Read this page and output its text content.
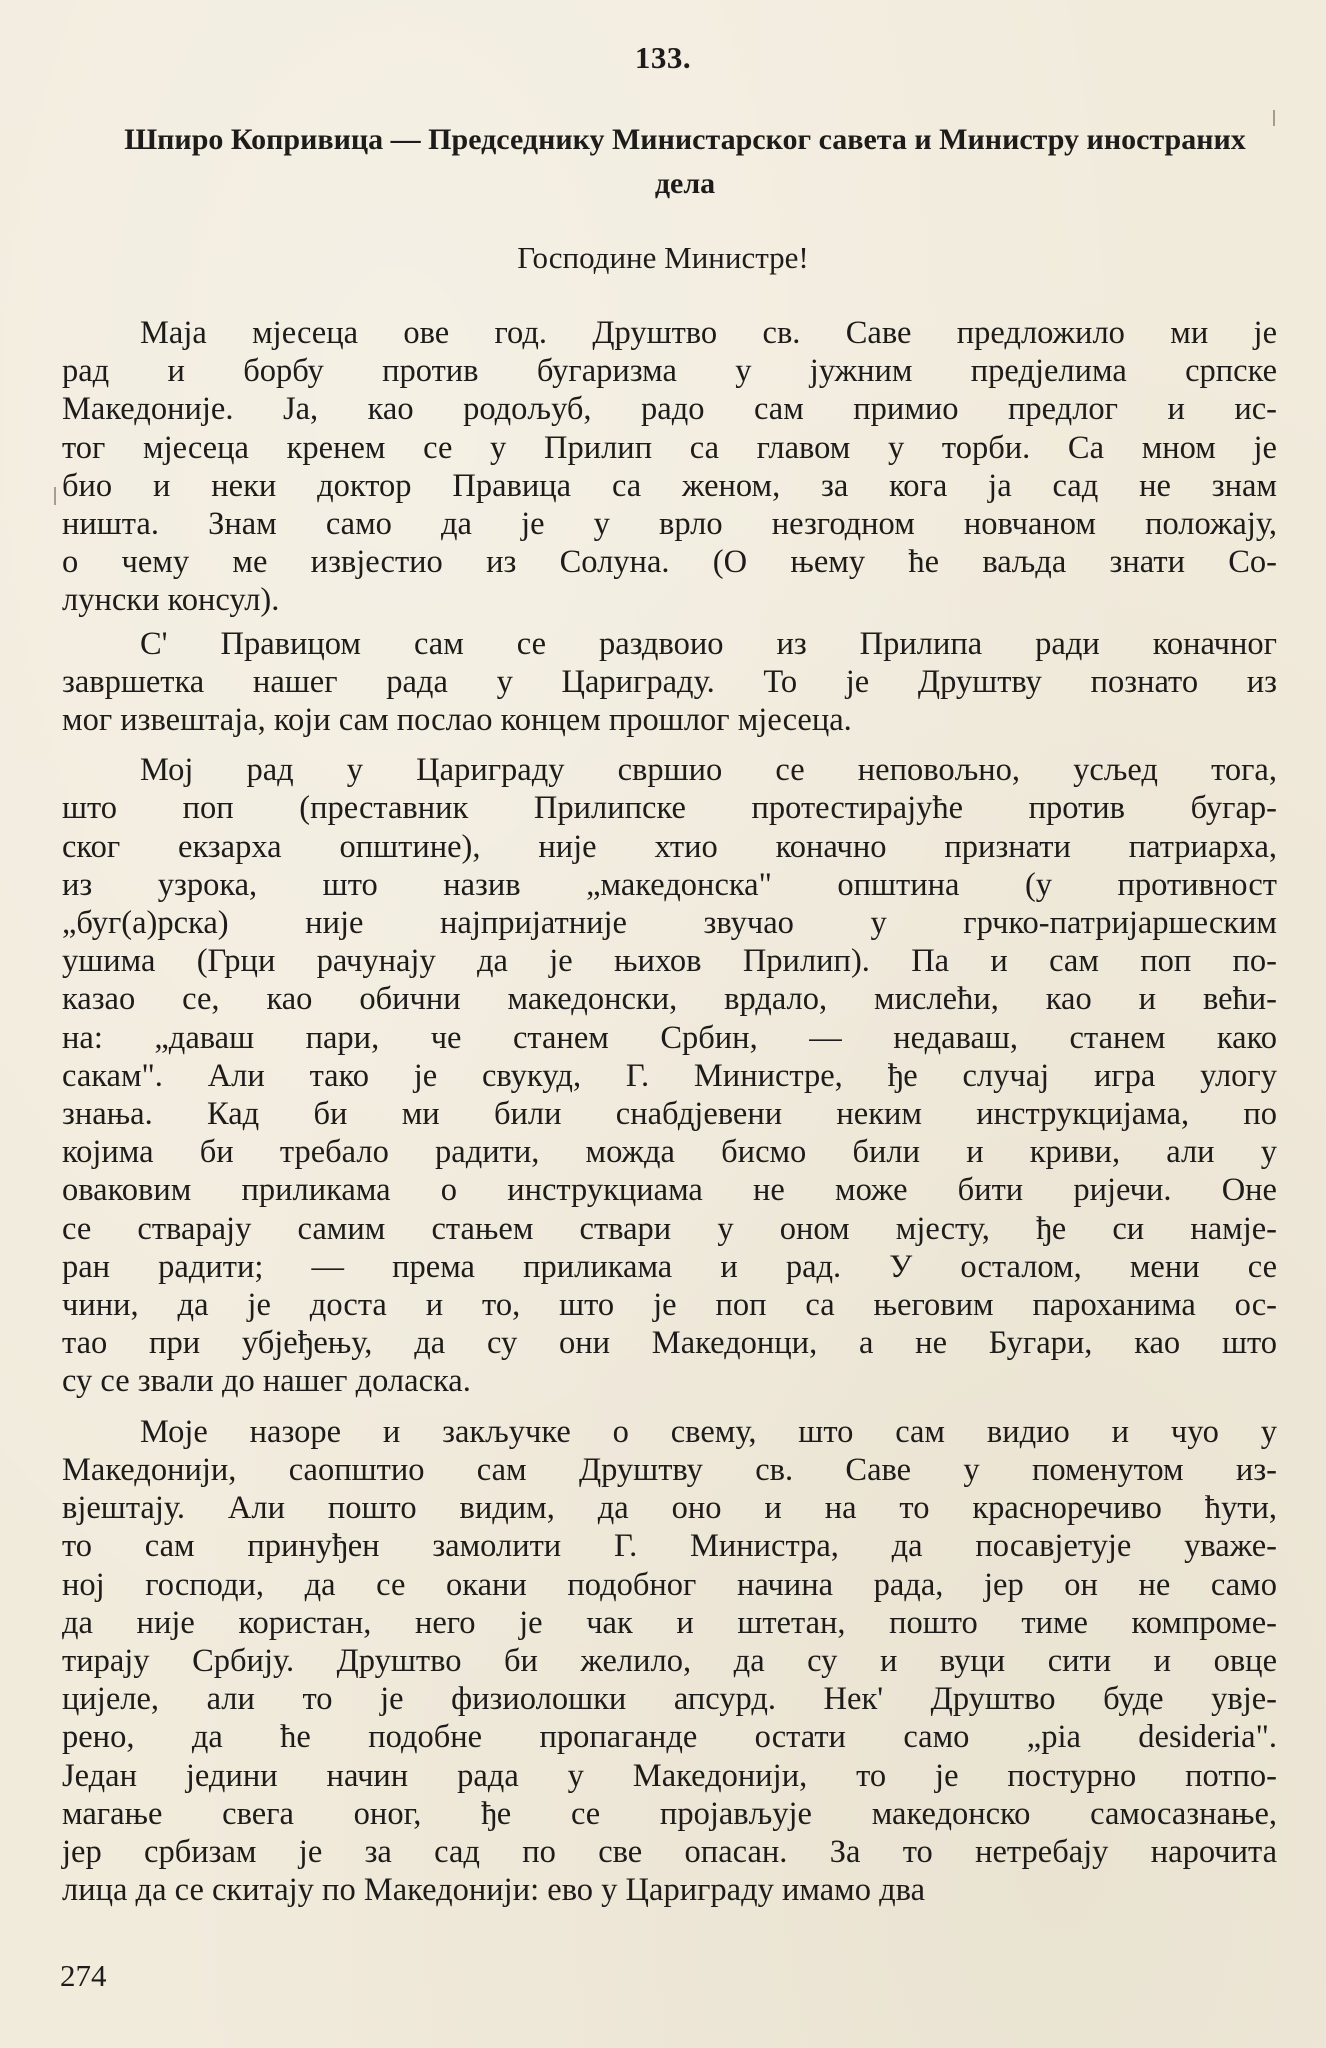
133.
Шпиро Копривица — Председнику Министарског савета и Министру иностраних дела
Господине Министре!

Маја мјесеца ове год. Друштво св. Саве предложило ми је
рад и борбу против бугаризма у јужним предјелима српске
Македоније. Ја, као родољуб, радо сам примио предлог и ис-
тог мјесеца кренем се у Прилип са главом у торби. Са мном је
био и неки доктор Правица са женом, за кога ја сад не знам
ништа. Знам само да је у врло незгодном новчаном положају,
о чему ме извјестио из Солуна. (О њему ће ваљда знати Со-
лунски консул).

С' Правицом сам се раздвоио из Прилипа ради коначног
завршетка нашег рада у Цариграду. То је Друштву познато из
мог извештаја, који сам послао концем прошлог мјесеца.

Мој рад у Цариграду свршио се неповољно, усљед тога,
што поп (преставник Прилипске протестирајуће против бугар-
ског екзарха општине), није хтио коначно признати патриарха,
из узрока, што назив „македонска" општина (у противност
„буг(а)рска) није најпријатније звучао у грчко-патријаршеским
ушима (Грци рачунају да је њихов Прилип). Па и сам поп по-
казао се, као обични македонски, врдало, мислећи, као и већи-
на: „даваш пари, че станем Србин, — недаваш, станем како
сакам". Али тако је свукуд, Г. Министре, ђе случај игра улогу
знања. Кад би ми били снабдјевени неким инструкцијама, по
којима би требало радити, можда бисмо били и криви, али у
оваковим приликама о инструкциама не може бити ријечи. Оне
се стварају самим стањем ствари у оном мјесту, ђе си намје-
ран радити; — према приликама и рад. У осталом, мени се
чини, да је доста и то, што је поп са његовим пароханима ос-
тао при убјеђењу, да су они Македонци, а не Бугари, као што
су се звали до нашег доласка.

Моје назоре и закључке о свему, што сам видио и чуо у
Македонији, саопштио сам Друштву св. Саве у поменутом из-
вјештају. Али пошто видим, да оно и на то красноречиво ћути,
то сам принуђен замолити Г. Министра, да посавјетује уваже-
ној господи, да се окани подобног начина рада, јер он не само
да није користан, него је чак и штетан, пошто тиме компроме-
тирају Србију. Друштво би желило, да су и вуци сити и овце
цијеле, али то је физиолошки апсурд. Нек' Друштво буде увје-
рено, да ће подобне пропаганде остати само „pia desideria".
Један једини начин рада у Македонији, то је постурно потпо-
магање свега оног, ђе се пројављује македонско самосазнање,
јер србизам је за сад по све опасан. За то нетребају нарочита
лица да се скитају по Македонији: ево у Цариграду имамо два

274
